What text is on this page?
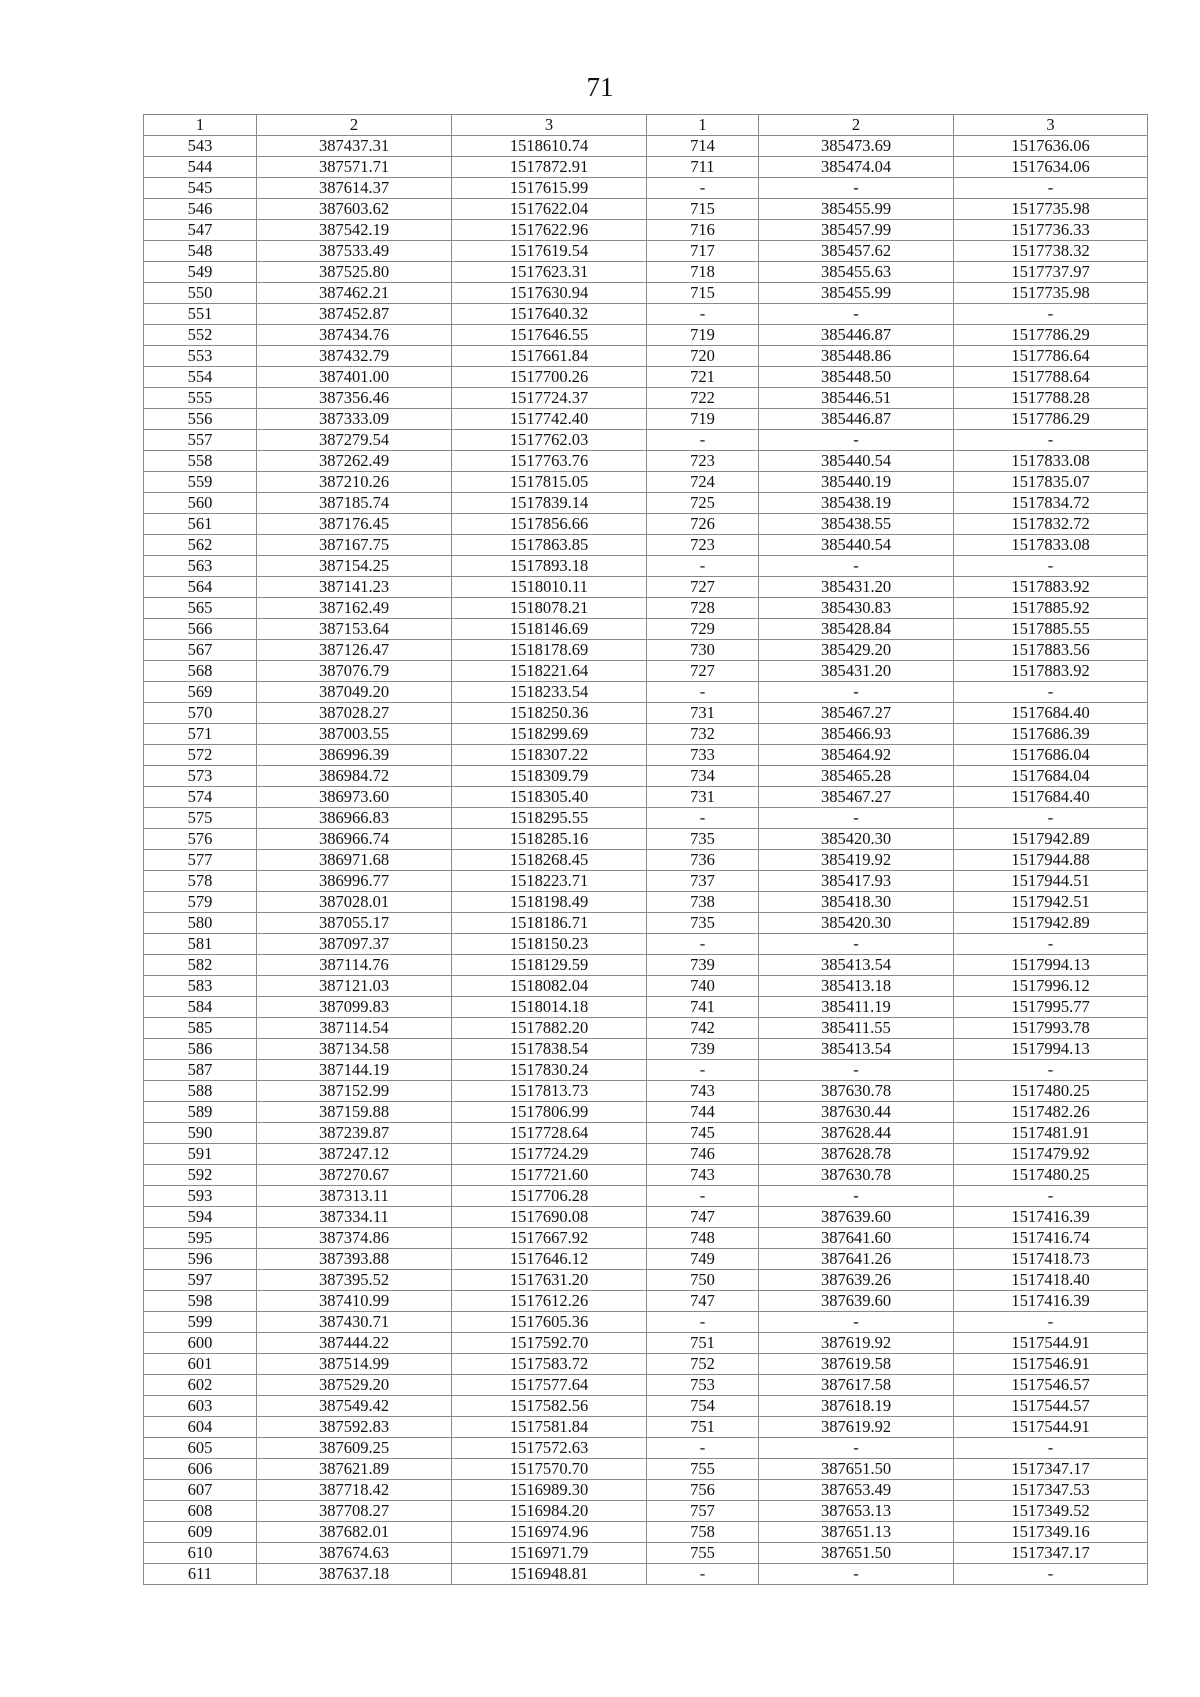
71
1	2	3	1	2	3
543	387437.31	1518610.74	714	385473.69	1517636.06
544	387571.71	1517872.91	711	385474.04	1517634.06
545	387614.37	1517615.99	-	-	-
546	387603.62	1517622.04	715	385455.99	1517735.98
547	387542.19	1517622.96	716	385457.99	1517736.33
548	387533.49	1517619.54	717	385457.62	1517738.32
549	387525.80	1517623.31	718	385455.63	1517737.97
550	387462.21	1517630.94	715	385455.99	1517735.98
551	387452.87	1517640.32	-	-	-
552	387434.76	1517646.55	719	385446.87	1517786.29
553	387432.79	1517661.84	720	385448.86	1517786.64
554	387401.00	1517700.26	721	385448.50	1517788.64
555	387356.46	1517724.37	722	385446.51	1517788.28
556	387333.09	1517742.40	719	385446.87	1517786.29
557	387279.54	1517762.03	-	-	-
558	387262.49	1517763.76	723	385440.54	1517833.08
559	387210.26	1517815.05	724	385440.19	1517835.07
560	387185.74	1517839.14	725	385438.19	1517834.72
561	387176.45	1517856.66	726	385438.55	1517832.72
562	387167.75	1517863.85	723	385440.54	1517833.08
563	387154.25	1517893.18	-	-	-
564	387141.23	1518010.11	727	385431.20	1517883.92
565	387162.49	1518078.21	728	385430.83	1517885.92
566	387153.64	1518146.69	729	385428.84	1517885.55
567	387126.47	1518178.69	730	385429.20	1517883.56
568	387076.79	1518221.64	727	385431.20	1517883.92
569	387049.20	1518233.54	-	-	-
570	387028.27	1518250.36	731	385467.27	1517684.40
571	387003.55	1518299.69	732	385466.93	1517686.39
572	386996.39	1518307.22	733	385464.92	1517686.04
573	386984.72	1518309.79	734	385465.28	1517684.04
574	386973.60	1518305.40	731	385467.27	1517684.40
575	386966.83	1518295.55	-	-	-
576	386966.74	1518285.16	735	385420.30	1517942.89
577	386971.68	1518268.45	736	385419.92	1517944.88
578	386996.77	1518223.71	737	385417.93	1517944.51
579	387028.01	1518198.49	738	385418.30	1517942.51
580	387055.17	1518186.71	735	385420.30	1517942.89
581	387097.37	1518150.23	-	-	-
582	387114.76	1518129.59	739	385413.54	1517994.13
583	387121.03	1518082.04	740	385413.18	1517996.12
584	387099.83	1518014.18	741	385411.19	1517995.77
585	387114.54	1517882.20	742	385411.55	1517993.78
586	387134.58	1517838.54	739	385413.54	1517994.13
587	387144.19	1517830.24	-	-	-
588	387152.99	1517813.73	743	387630.78	1517480.25
589	387159.88	1517806.99	744	387630.44	1517482.26
590	387239.87	1517728.64	745	387628.44	1517481.91
591	387247.12	1517724.29	746	387628.78	1517479.92
592	387270.67	1517721.60	743	387630.78	1517480.25
593	387313.11	1517706.28	-	-	-
594	387334.11	1517690.08	747	387639.60	1517416.39
595	387374.86	1517667.92	748	387641.60	1517416.74
596	387393.88	1517646.12	749	387641.26	1517418.73
597	387395.52	1517631.20	750	387639.26	1517418.40
598	387410.99	1517612.26	747	387639.60	1517416.39
599	387430.71	1517605.36	-	-	-
600	387444.22	1517592.70	751	387619.92	1517544.91
601	387514.99	1517583.72	752	387619.58	1517546.91
602	387529.20	1517577.64	753	387617.58	1517546.57
603	387549.42	1517582.56	754	387618.19	1517544.57
604	387592.83	1517581.84	751	387619.92	1517544.91
605	387609.25	1517572.63	-	-	-
606	387621.89	1517570.70	755	387651.50	1517347.17
607	387718.42	1516989.30	756	387653.49	1517347.53
608	387708.27	1516984.20	757	387653.13	1517349.52
609	387682.01	1516974.96	758	387651.13	1517349.16
610	387674.63	1516971.79	755	387651.50	1517347.17
611	387637.18	1516948.81	-	-	-
